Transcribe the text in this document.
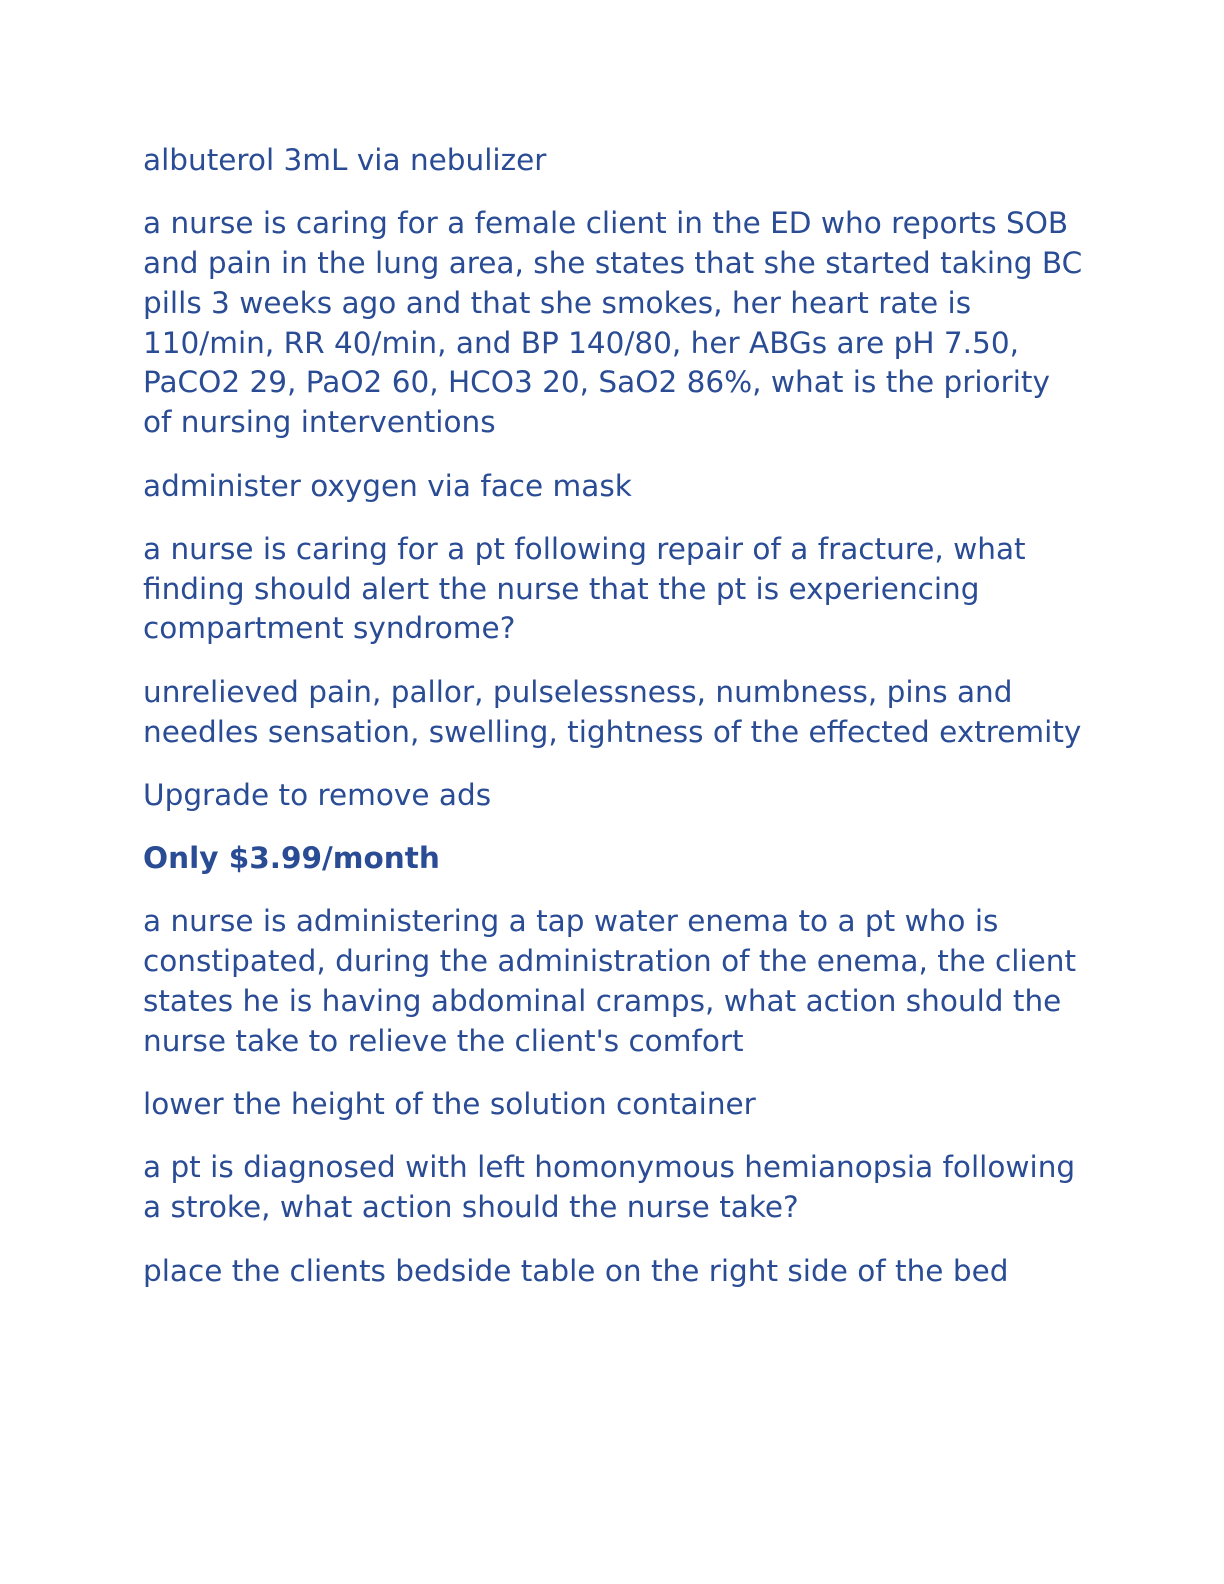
albuterol 3mL via nebulizer

a nurse is caring for a female client in the ED who reports SOB and pain in the lung area, she states that she started taking BC pills 3 weeks ago and that she smokes, her heart rate is 110/min, RR 40/min, and BP 140/80, her ABGs are pH 7.50, PaCO2 29, PaO2 60, HCO3 20, SaO2 86%, what is the priority of nursing interventions

administer oxygen via face mask

a nurse is caring for a pt following repair of a fracture, what finding should alert the nurse that the pt is experiencing compartment syndrome?

unrelieved pain, pallor, pulselessness, numbness, pins and needles sensation, swelling, tightness of the effected extremity

Upgrade to remove ads

Only $3.99/month

a nurse is administering a tap water enema to a pt who is constipated, during the administration of the enema, the client states he is having abdominal cramps, what action should the nurse take to relieve the client's comfort

lower the height of the solution container

a pt is diagnosed with left homonymous hemianopsia following a stroke, what action should the nurse take?

place the clients bedside table on the right side of the bed
